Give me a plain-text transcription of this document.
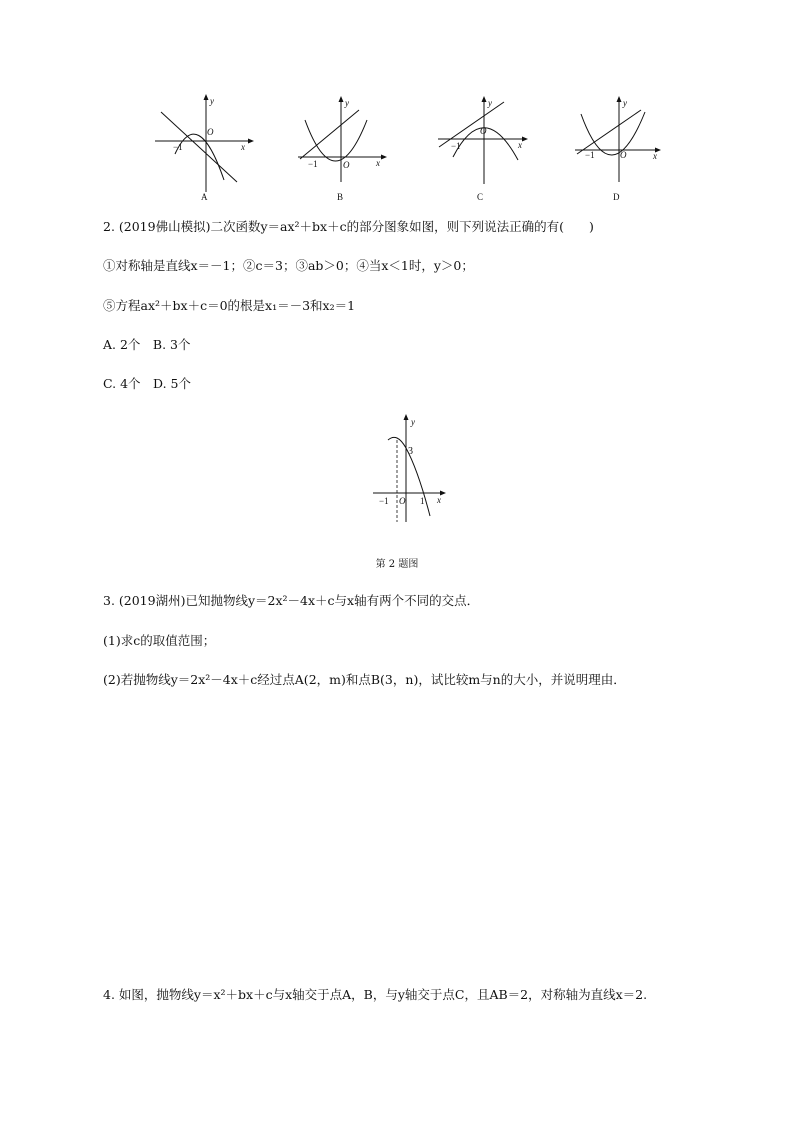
y
x
O
−1
A
y
x
O
−1
B
y
x
O
−1
C
y
x
O
−1
D
2. (2019佛山模拟)二次函数y＝ax²＋bx＋c的部分图象如图，则下列说法正确的有(　　)
①对称轴是直线x＝－1；②c＝3；③ab＞0；④当x＜1时，y＞0；
⑤方程ax²＋bx＋c＝0的根是x₁＝－3和x₂＝1
A. 2个　B. 3个
C. 4个　D. 5个
y
x
3
−1 O 1
第 2 题图
3. (2019湖州)已知抛物线y＝2x²－4x＋c与x轴有两个不同的交点．
(1)求c的取值范围；
(2)若抛物线y＝2x²－4x＋c经过点A(2，m)和点B(3，n)，试比较m与n的大小，并说明理由．
4. 如图，抛物线y＝x²＋bx＋c与x轴交于点A，B，与y轴交于点C，且AB＝2，对称轴为直线x＝2.
